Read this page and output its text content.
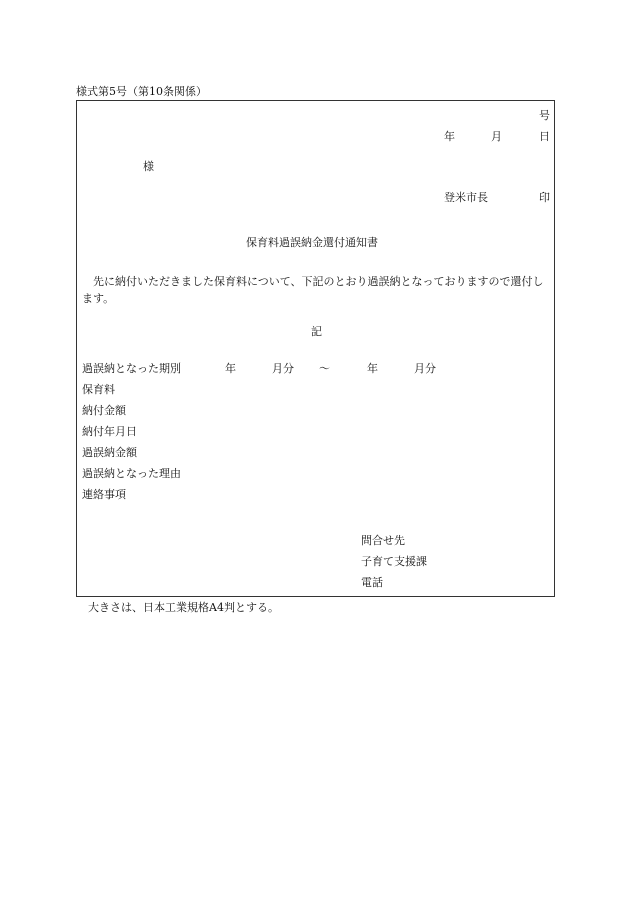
様式第5号（第10条関係）
号
年	月	日
様
登米市長	印
保育料過誤納金還付通知書
先に納付いただきました保育料について、下記のとおり過誤納となっておりますので還付します。
記
過誤納となった期別	年	月分 〜	年	月分
保育料
納付金額
納付年月日
過誤納金額
過誤納となった理由
連絡事項
問合せ先
子育て支援課
電話
大きさは、日本工業規格A4判とする。
